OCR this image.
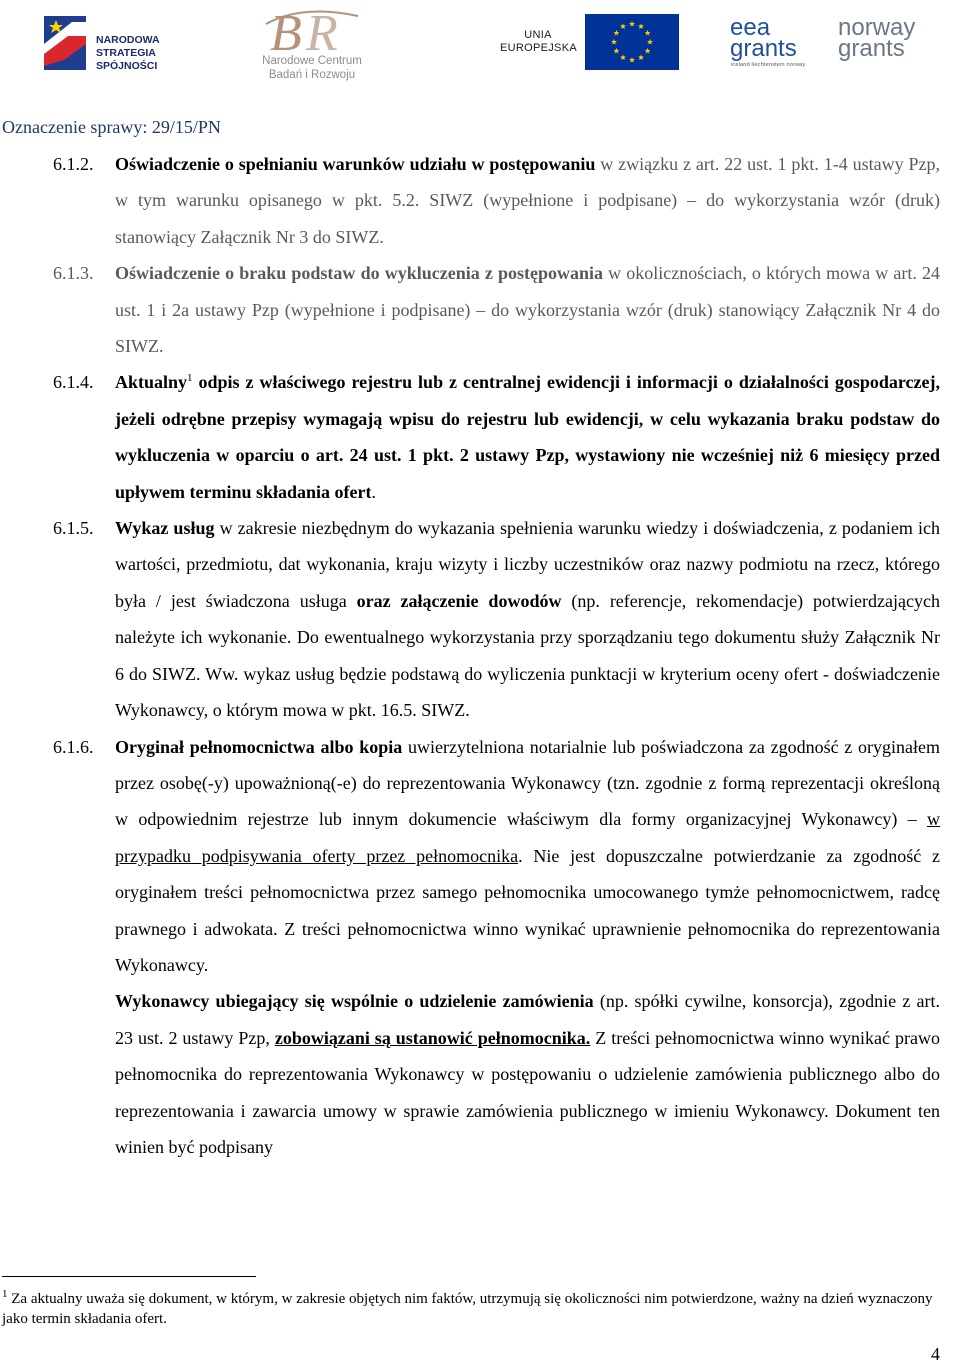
NARODOWA
STRATEGIA SPÓJNOŚCI
B R
Narodowe Centrum
Badań i Rozwoju
UNIA
EUROPEJSKA
eea
grants
iceland liechtenstein norway
norway
grants
Oznaczenie sprawy: 29/15/PN
6.1.2. Oświadczenie o spełnianiu warunków udziału w postępowaniu w związku z art. 22 ust. 1 pkt. 1-4 ustawy Pzp, w tym warunku opisanego w pkt. 5.2. SIWZ (wypełnione i podpisane) – do wykorzystania wzór (druk) stanowiący Załącznik Nr 3 do SIWZ.
6.1.3. Oświadczenie o braku podstaw do wykluczenia z postępowania w okolicznościach, o których mowa w art. 24 ust. 1 i 2a ustawy Pzp (wypełnione i podpisane) – do wykorzystania wzór (druk) stanowiący Załącznik Nr 4 do SIWZ.
6.1.4. Aktualny$^1$ odpis z właściwego rejestru lub z centralnej ewidencji i informacji o działalności gospodarczej, jeżeli odrębne przepisy wymagają wpisu do rejestru lub ewidencji, w celu wykazania braku podstaw do wykluczenia w oparciu o art. 24 ust. 1 pkt. 2 ustawy Pzp, wystawiony nie wcześniej niż 6 miesięcy przed upływem terminu składania ofert.
6.1.5. Wykaz usług w zakresie niezbędnym do wykazania spełnienia warunku wiedzy i doświadczenia, z podaniem ich wartości, przedmiotu, dat wykonania, kraju wizyty i liczby uczestników oraz nazwy podmiotu na rzecz, którego była / jest świadczona usługa oraz załączenie dowodów (np. referencje, rekomendacje) potwierdzających należyte ich wykonanie. Do ewentualnego wykorzystania przy sporządzaniu tego dokumentu służy Załącznik Nr 6 do SIWZ. Ww. wykaz usług będzie podstawą do wyliczenia punktacji w kryterium oceny ofert - doświadczenie Wykonawcy, o którym mowa w pkt. 16.5. SIWZ.
6.1.6. Oryginał pełnomocnictwa albo kopia uwierzytelniona notarialnie lub poświadczona za zgodność z oryginałem przez osobę(-y) upoważnioną(-e) do reprezentowania Wykonawcy (tzn. zgodnie z formą reprezentacji określoną w odpowiednim rejestrze lub innym dokumencie właściwym dla formy organizacyjnej Wykonawcy) – w przypadku podpisywania oferty przez pełnomocnika. Nie jest dopuszczalne potwierdzanie za zgodność z oryginałem treści pełnomocnictwa przez samego pełnomocnika umocowanego tymże pełnomocnictwem, radcę prawnego i adwokata. Z treści pełnomocnictwa winno wynikać uprawnienie pełnomocnika do reprezentowania Wykonawcy.
Wykonawcy ubiegający się wspólnie o udzielenie zamówienia (np. spółki cywilne, konsorcja), zgodnie z art. 23 ust. 2 ustawy Pzp, zobowiązani są ustanowić pełnomocnika. Z treści pełnomocnictwa winno wynikać prawo pełnomocnika do reprezentowania Wykonawcy w postępowaniu o udzielenie zamówienia publicznego albo do reprezentowania i zawarcia umowy w sprawie zamówienia publicznego w imieniu Wykonawcy. Dokument ten winien być podpisany
$^1$ Za aktualny uważa się dokument, w którym, w zakresie objętych nim faktów, utrzymują się okoliczności nim potwierdzone, ważny na dzień wyznaczony jako termin składania ofert.
4
